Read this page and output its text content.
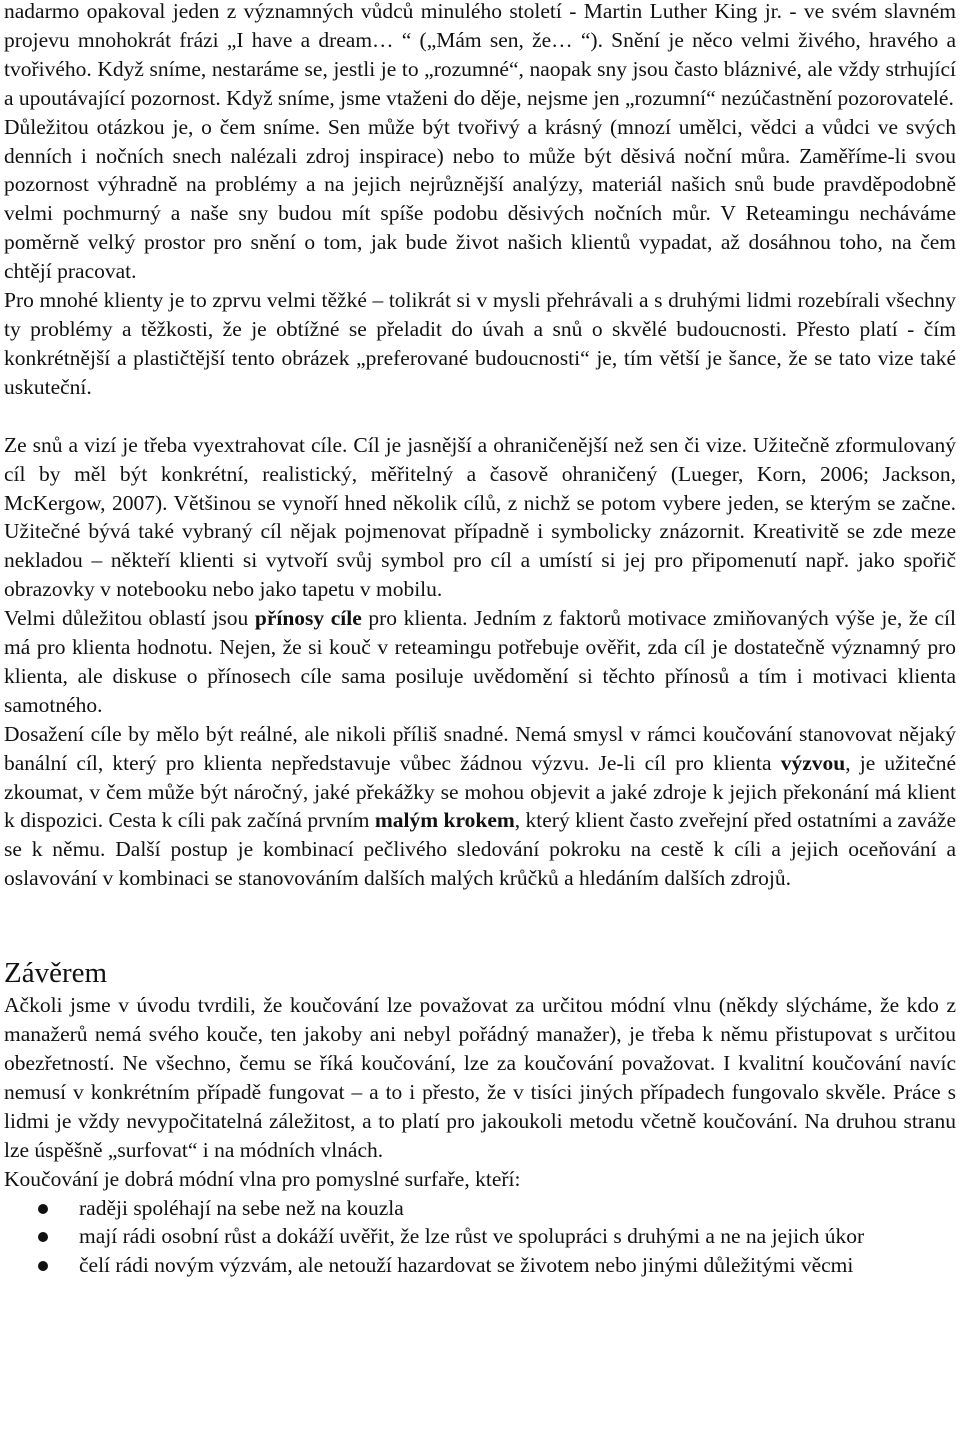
nadarmo opakoval jeden z významných vůdců minulého století - Martin Luther King jr. - ve svém slavném projevu mnohokrát frázi „I have a dream… “ („Mám sen, že… “). Snění je něco velmi živého, hravého a tvořivého. Když sníme, nestaráme se, jestli je to „rozumné“, naopak sny jsou často bláznivé, ale vždy strhující a upoutávající pozornost. Když sníme, jsme vtaženi do děje, nejsme jen „rozumní“ nezúčastnění pozorovatelé.

Důležitou otázkou je, o čem sníme. Sen může být tvořivý a krásný (mnozí umělci, vědci a vůdci ve svých denních i nočních snech nalézali zdroj inspirace) nebo to může být děsivá noční můra. Zaměříme-li svou pozornost výhradně na problémy a na jejich nejrůznější analýzy, materiál našich snů bude pravděpodobně velmi pochmurný a naše sny budou mít spíše podobu děsivých nočních můr. V Reteamingu necháváme poměrně velký prostor pro snění o tom, jak bude život našich klientů vypadat, až dosáhnou toho, na čem chtějí pracovat.

Pro mnohé klienty je to zprvu velmi těžké – tolikrát si v mysli přehrávali a s druhými lidmi rozebírali všechny ty problémy a těžkosti, že je obtížné se přeladit do úvah a snů o skvělé budoucnosti. Přesto platí - čím konkrétnější a plastičtější tento obrázek „preferované budoucnosti“ je, tím větší je šance, že se tato vize také uskuteční.

Ze snů a vizí je třeba vyextrahovat cíle. Cíl je jasnější a ohraničenější než sen či vize. Užitečně zformulovaný cíl by měl být konkrétní, realistický, měřitelný a časově ohraničený (Lueger, Korn, 2006; Jackson, McKergow, 2007). Většinou se vynoří hned několik cílů, z nichž se potom vybere jeden, se kterým se začne. Užitečné bývá také vybraný cíl nějak pojmenovat případně i symbolicky znázornit. Kreativitě se zde meze nekladou – někteří klienti si vytvoří svůj symbol pro cíl a umístí si jej pro připomenutí např. jako spořič obrazovky v notebooku nebo jako tapetu v mobilu.

Velmi důležitou oblastí jsou přínosy cíle pro klienta. Jedním z faktorů motivace zmiňovaných výše je, že cíl má pro klienta hodnotu. Nejen, že si kouč v reteamingu potřebuje ověřit, zda cíl je dostatečně významný pro klienta, ale diskuse o přínosech cíle sama posiluje uvědomění si těchto přínosů a tím i motivaci klienta samotného.

Dosažení cíle by mělo být reálné, ale nikoli příliš snadné. Nemá smysl v rámci koučování stanovovat nějaký banální cíl, který pro klienta nepředstavuje vůbec žádnou výzvu. Je-li cíl pro klienta výzvou, je užitečné zkoumat, v čem může být náročný, jaké překážky se mohou objevit a jaké zdroje k jejich překonání má klient k dispozici. Cesta k cíli pak začíná prvním malým krokem, který klient často zveřejní před ostatními a zaváže se k němu. Další postup je kombinací pečlivého sledování pokroku na cestě k cíli a jejich oceňování a oslavování v kombinaci se stanovováním dalších malých krůčků a hledáním dalších zdrojů.

Závěrem

Ačkoli jsme v úvodu tvrdili, že koučování lze považovat za určitou módní vlnu (někdy slýcháme, že kdo z manažerů nemá svého kouče, ten jakoby ani nebyl pořádný manažer), je třeba k němu přistupovat s určitou obezřetností. Ne všechno, čemu se říká koučování, lze za koučování považovat. I kvalitní koučování navíc nemusí v konkrétním případě fungovat – a to i přesto, že v tisíci jiných případech fungovalo skvěle. Práce s lidmi je vždy nevypočitatelná záležitost, a to platí pro jakoukoli metodu včetně koučování. Na druhou stranu lze úspěšně „surfovat“ i na módních vlnách.

Koučování je dobrá módní vlna pro pomyslné surfaře, kteří:

raději spoléhají na sebe než na kouzla
mají rádi osobní růst a dokáží uvěřit, že lze růst ve spolupráci s druhými a ne na jejich úkor
čelí rádi novým výzvám, ale netouží hazardovat se životem nebo jinými důležitými věcmi
